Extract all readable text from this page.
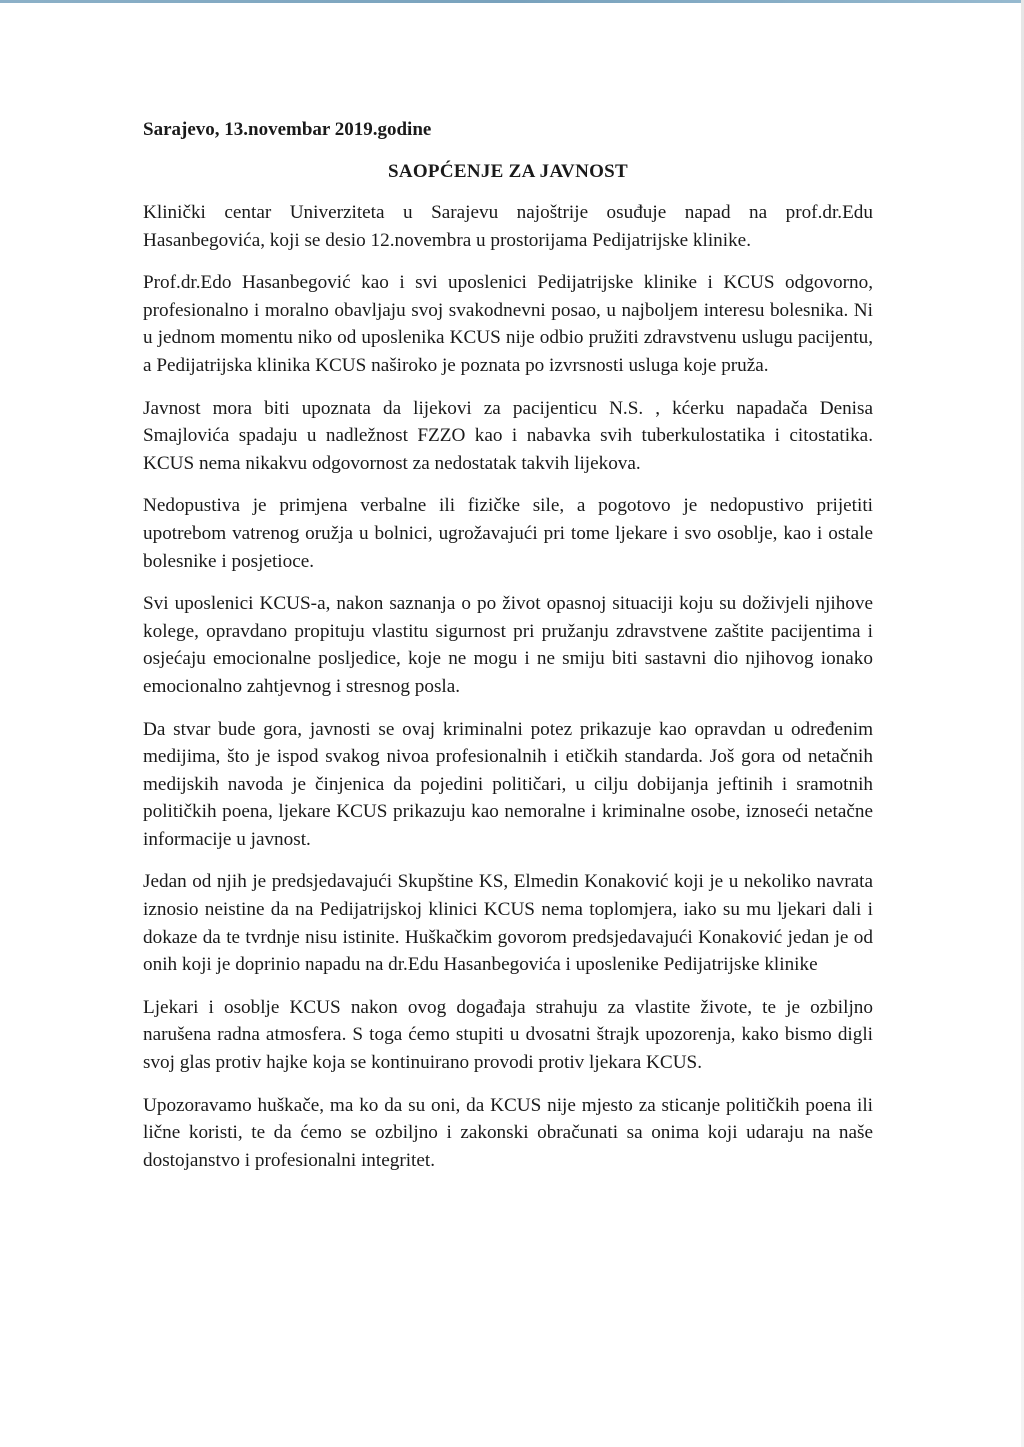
Sarajevo, 13.novembar 2019.godine

SAOPĆENJE ZA JAVNOST

Klinički centar Univerziteta u Sarajevu najoštrije osuđuje napad na prof.dr.Edu Hasanbegovića, koji se desio 12.novembra u prostorijama Pedijatrijske klinike.

Prof.dr.Edo Hasanbegović kao i svi uposlenici Pedijatrijske klinike i KCUS odgovorno, profesionalno i moralno obavljaju svoj svakodnevni posao, u najboljem interesu bolesnika. Ni u jednom momentu niko od uposlenika KCUS nije odbio pružiti zdravstvenu uslugu pacijentu, a Pedijatrijska klinika KCUS naširoko je poznata po izvrsnosti usluga koje pruža.

Javnost mora biti upoznata da lijekovi za pacijenticu N.S. , kćerku napadača Denisa Smajlovića spadaju u nadležnost FZZO kao i nabavka svih tuberkulostatika i citostatika. KCUS nema nikakvu odgovornost za nedostatak takvih lijekova.

Nedopustiva je primjena verbalne ili fizičke sile, a pogotovo je nedopustivo prijetiti upotrebom vatrenog oružja u bolnici, ugrožavajući pri tome ljekare i svo osoblje, kao i ostale bolesnike i posjetioce.

Svi uposlenici KCUS-a, nakon saznanja o po život opasnoj situaciji koju su doživjeli njihove kolege, opravdano propituju vlastitu sigurnost pri pružanju zdravstvene zaštite pacijentima i osjećaju emocionalne posljedice, koje ne mogu i ne smiju biti sastavni dio njihovog ionako emocionalno zahtjevnog i stresnog posla.

Da stvar bude gora, javnosti se ovaj kriminalni potez prikazuje kao opravdan u određenim medijima, što je ispod svakog nivoa profesionalnih i etičkih standarda. Još gora od netačnih medijskih navoda je činjenica da pojedini političari, u cilju dobijanja jeftinih i sramotnih političkih poena, ljekare KCUS prikazuju kao nemoralne i kriminalne osobe, iznoseći netačne informacije u javnost.

Jedan od njih je predsjedavajući Skupštine KS, Elmedin Konaković koji je u nekoliko navrata iznosio neistine da na Pedijatrijskoj klinici KCUS nema toplomjera, iako su mu ljekari dali i dokaze da te tvrdnje nisu istinite. Huškačkim govorom predsjedavajući Konaković jedan je od onih koji je doprinio napadu na dr.Edu Hasanbegovića i uposlenike Pedijatrijske klinike

Ljekari i osoblje KCUS nakon ovog događaja strahuju za vlastite živote, te je ozbiljno narušena radna atmosfera. S toga ćemo stupiti u dvosatni štrajk upozorenja, kako bismo digli svoj glas protiv hajke koja se kontinuirano provodi protiv ljekara KCUS.

Upozoravamo huškače, ma ko da su oni, da KCUS nije mjesto za sticanje političkih poena ili lične koristi, te da ćemo se ozbiljno i zakonski obračunati sa onima koji udaraju na naše dostojanstvo i profesionalni integritet.
